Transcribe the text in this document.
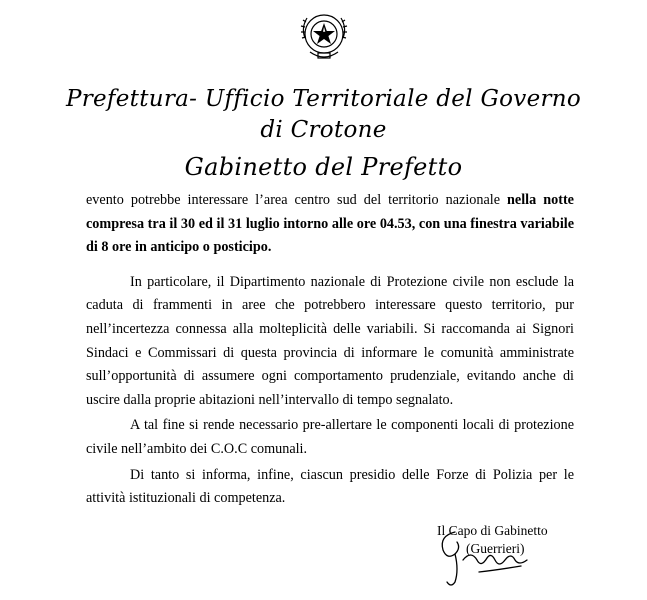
Prefettura- Ufficio Territoriale del Governo
di Crotone
Gabinetto del Prefetto

evento potrebbe interessare l’area centro sud del territorio nazionale nella notte compresa tra il 30 ed il 31 luglio intorno alle ore 04.53, con una finestra variabile di 8 ore in anticipo o posticipo.

In particolare, il Dipartimento nazionale di Protezione civile non esclude la caduta di frammenti in aree che potrebbero interessare questo territorio, pur nell’incertezza connessa alla molteplicità delle variabili. Si raccomanda ai Signori Sindaci e Commissari di questa provincia di informare le comunità amministrate sull’opportunità di assumere ogni comportamento prudenziale, evitando anche di uscire dalla proprie abitazioni nell’intervallo di tempo segnalato.

A tal fine si rende necessario pre-allertare le componenti locali di protezione civile nell’ambito dei C.O.C comunali.

Di tanto si informa, infine, ciascun presidio delle Forze di Polizia per le attività istituzionali di competenza.

Il Capo di Gabinetto
(Guerrieri)
